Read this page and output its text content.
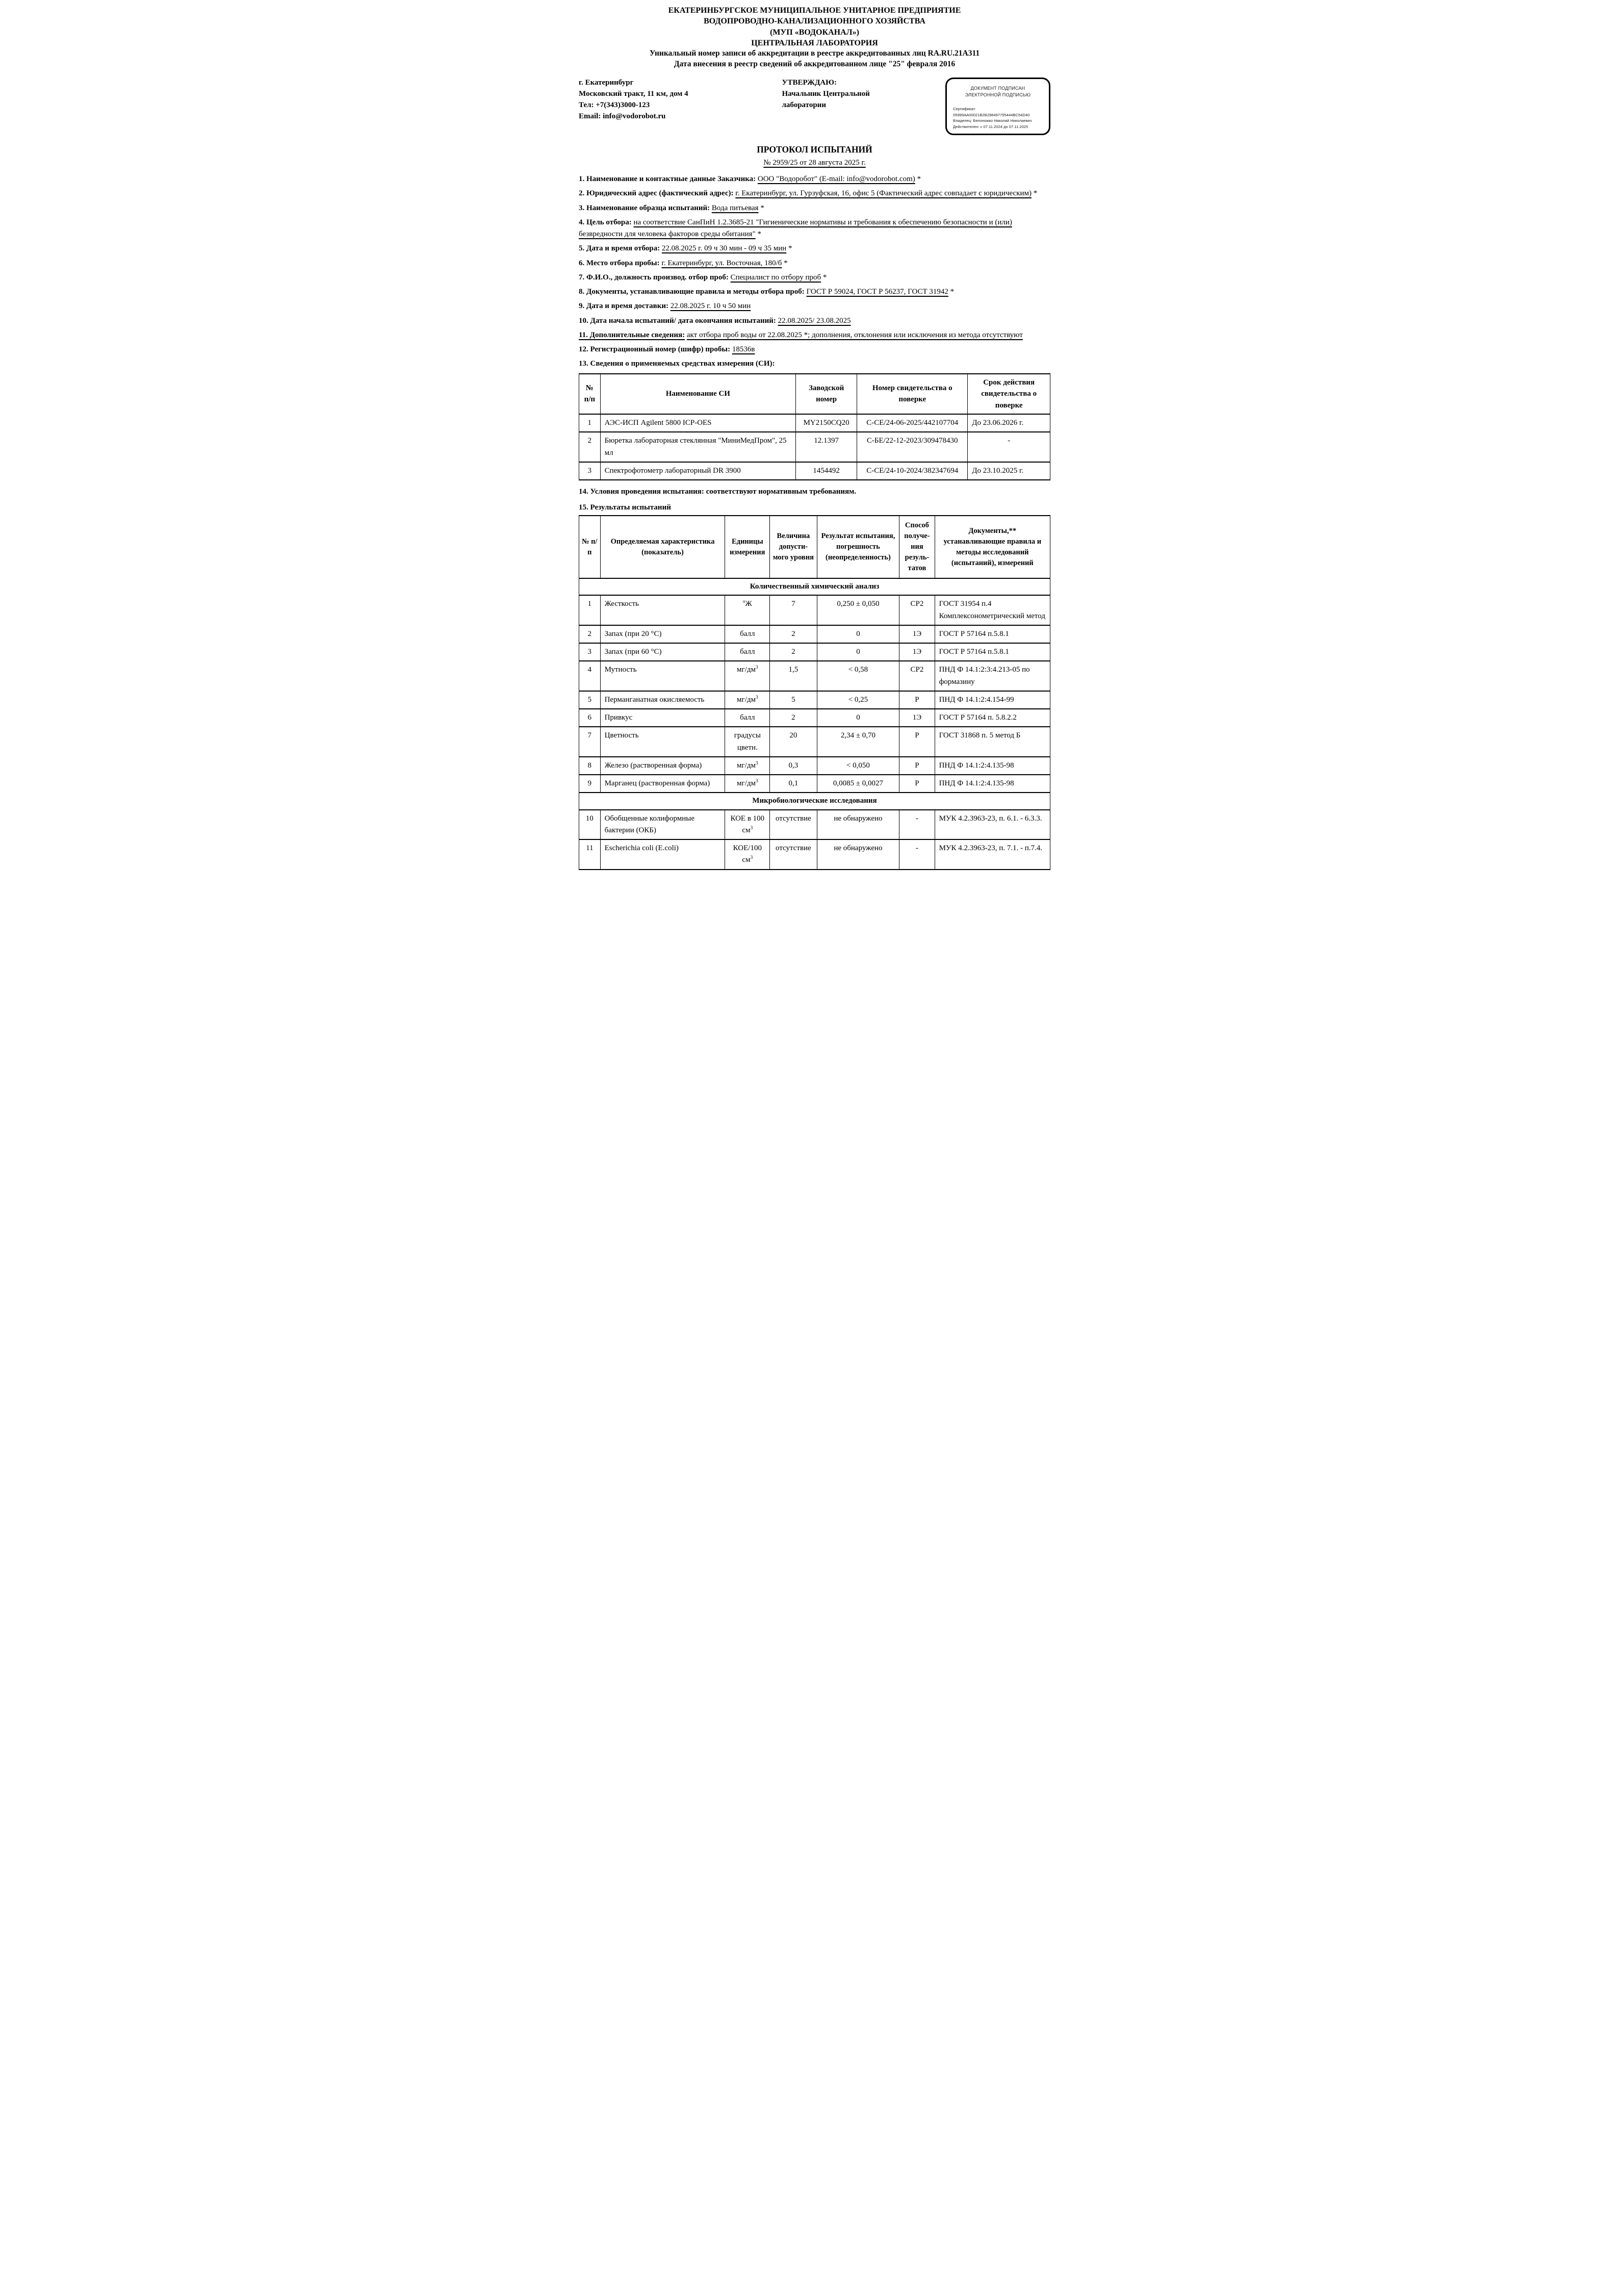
ЕКАТЕРИНБУРГСКОЕ МУНИЦИПАЛЬНОЕ УНИТАРНОЕ ПРЕДПРИЯТИЕ

ВОДОПРОВОДНО-КАНАЛИЗАЦИОННОГО ХОЗЯЙСТВА

(МУП «ВОДОКАНАЛ»)

ЦЕНТРАЛЬНАЯ ЛАБОРАТОРИЯ

Уникальный номер записи об аккредитации в реестре аккредитованных лиц RA.RU.21A311

Дата внесения в реестр сведений об аккредитованном лице "25" февраля 2016

г. Екатеринбург

Московский тракт, 11 км, дом 4

Тел: +7(343)3000-123

Email: info@vodorobot.ru

УТВЕРЖДАЮ:

Начальник Центральной

лаборатории

ДОКУМЕНТ ПОДПИСАН
ЭЛЕКТРОННОЙ ПОДПИСЬЮ
Сертификат:
05999AA00021B2B298497755444BC54D40
Владелец: Белоножко Николай Николаевич
Действителен: с 07.11.2024 до 07.11.2025

ПРОТОКОЛ ИСПЫТАНИЙ

№ 2959/25 от 28 августа 2025 г.

1. Наименование и контактные данные Заказчика: ООО "Водоробот" (E-mail: info@vodorobot.com) *

2. Юридический адрес (фактический адрес): г. Екатеринбург, ул. Гурзуфская, 16, офис 5 (Фактический адрес совпадает с юридическим) *

3. Наименование образца испытаний: Вода питьевая *

4. Цель отбора: на соответствие СанПиН 1.2.3685-21 "Гигиенические нормативы и требования к обеспечению безопасности и (или) безвредности для человека факторов среды обитания" *

5. Дата и время отбора: 22.08.2025 г. 09 ч 30 мин - 09 ч 35 мин *

6. Место отбора пробы: г. Екатеринбург, ул. Восточная, 180/б *

7. Ф.И.О., должность производ. отбор проб: Специалист по отбору проб *

8. Документы, устанавливающие правила и методы отбора проб: ГОСТ Р 59024, ГОСТ Р 56237, ГОСТ 31942 *

9. Дата и время доставки: 22.08.2025 г. 10 ч 50 мин

10. Дата начала испытаний/ дата окончания испытаний: 22.08.2025/ 23.08.2025

11. Дополнительные сведения: акт отбора проб воды от 22.08.2025 *; дополнения, отклонения или исключения из метода отсутствуют

12. Регистрационный номер (шифр) пробы: 18536в

13. Сведения о применяемых средствах измерения (СИ):

№ п/п	Наименование СИ	Заводской номер	Номер свидетельства о поверке	Срок действия свидетельства о поверке
1	АЭС-ИСП Agilent 5800 ICP-OES	MY2150CQ20	С-СЕ/24-06-2025/442107704	До 23.06.2026 г.
2	Бюретка лабораторная стеклянная "МиниМедПром", 25 мл	12.1397	С-БЕ/22-12-2023/309478430	-
3	Спектрофотометр лабораторный DR 3900	1454492	С-СЕ/24-10-2024/382347694	До 23.10.2025 г.

14. Условия проведения испытания: соответствуют нормативным требованиям.

15. Результаты испытаний

№ п/п	Определяемая характеристика (показатель)	Единицы измерения	Величина допусти-мого уровня	Результат испытания, погрешность (неопределенность)	Способ получе-ния резуль-татов	Документы,** устанавливающие правила и методы исследований (испытаний), измерений
Количественный химический анализ						
1	Жесткость	$^о$Ж	7	0,250 ± 0,050	СР2	ГОСТ 31954 п.4 Комплексонометрический метод
2	Запах (при 20 °С)	балл	2	0	1Э	ГОСТ Р 57164 п.5.8.1
3	Запах (при 60 °С)	балл	2	0	1Э	ГОСТ Р 57164 п.5.8.1
4	Мутность	$мг/дм^3$	1,5	< 0,58	СР2	ПНД Ф 14.1:2:3:4.213-05 по формазину
5	Перманганатная окисляемость	$мг/дм^3$	5	< 0,25	Р	ПНД Ф 14.1:2:4.154-99
6	Привкус	балл	2	0	1Э	ГОСТ Р 57164 п. 5.8.2.2
7	Цветность	градусы цветн.	20	2,34 ± 0,70	Р	ГОСТ 31868 п. 5 метод Б
8	Железо (растворенная форма)	$мг/дм^3$	0,3	< 0,050	Р	ПНД Ф 14.1:2:4.135-98
9	Марганец (растворенная форма)	$мг/дм^3$	0,1	0,0085 ± 0,0027	Р	ПНД Ф 14.1:2:4.135-98
Микробиологические исследования						
10	Обобщенные колиформные бактерии (ОКБ)	КОЕ в 100 $см^3$	отсутствие	не обнаружено	-	МУК 4.2.3963-23, п. 6.1. - 6.3.3.
11	Escherichia coli (E.coli)	КОЕ/100 $см^3$	отсутствие	не обнаружено	-	МУК 4.2.3963-23, п. 7.1. - п.7.4.
